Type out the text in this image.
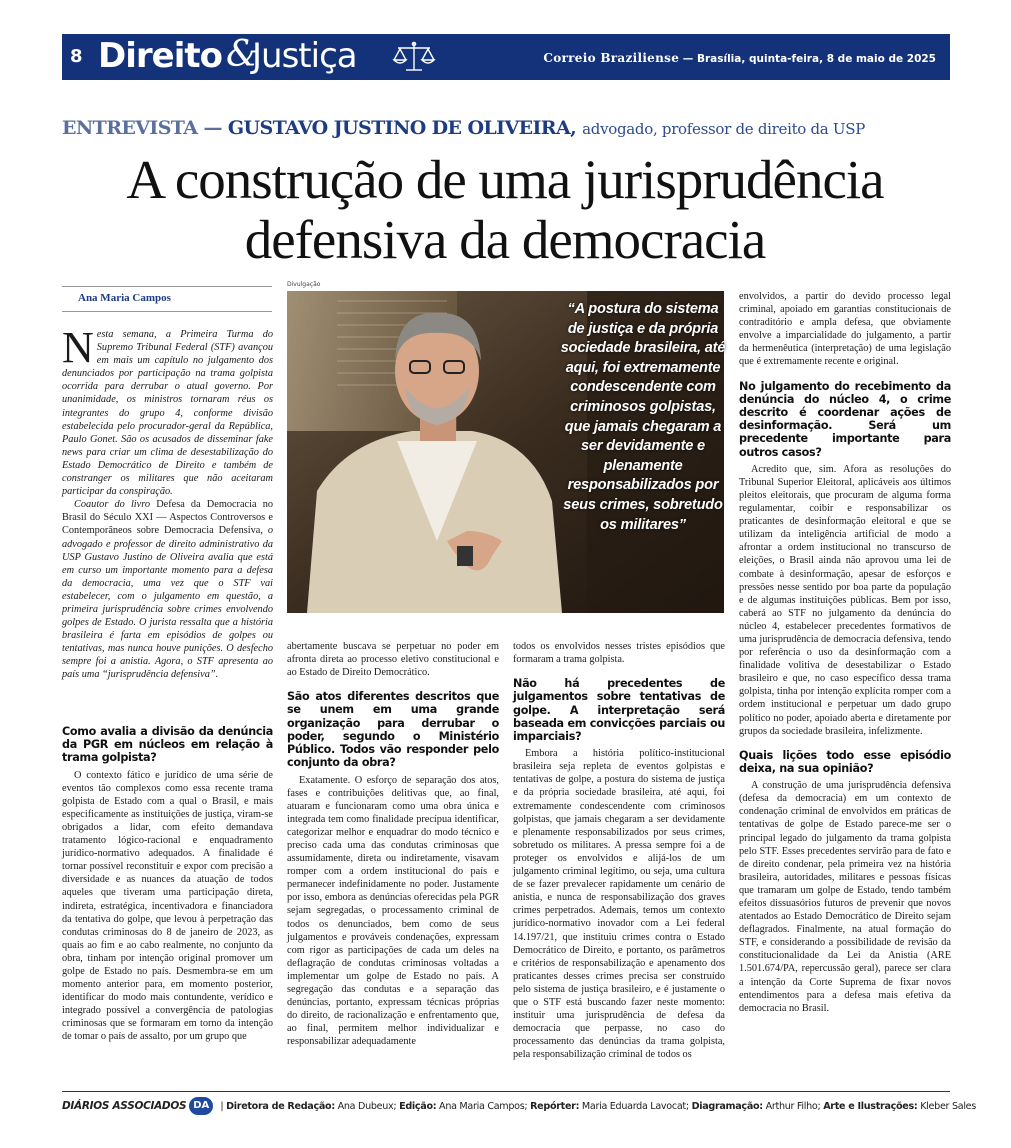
8 Direito &
Justiça	Correio Braziliense — Brasília, quinta-feira, 8 de maio de 2025
ENTREVISTA — GUSTAVO JUSTINO DE OLIVEIRA, advogado, professor de direito da USP
A construção de uma jurisprudência
defensiva da democracia
Ana Maria Campos

Nesta semana, a Primeira Turma do Supremo Tribunal Federal (STF) avançou em mais um capítulo no julgamento dos denunciados por participação na trama golpista ocorrida para derrubar o atual governo. Por unanimidade, os ministros tornaram réus os integrantes do grupo 4, conforme divisão estabelecida pelo procurador-geral da República, Paulo Gonet. São os acusados de disseminar fake news para criar um clima de desestabilização do Estado Democrático de Direito e também de constranger os militares que não aceitaram participar da conspiração.

Coautor do livro Defesa da Democracia no Brasil do Século XXI — Aspectos Controversos e Contemporâneos sobre Democracia Defensiva, o advogado e professor de direito administrativo da USP Gustavo Justino de Oliveira avalia que está em curso um importante momento para a defesa da democracia, uma vez que o STF vai estabelecer, com o julgamento em questão, a primeira jurisprudência sobre crimes envolvendo golpes de Estado. O jurista ressalta que a história brasileira é farta em episódios de golpes ou tentativas, mas nunca houve punições. O desfecho sempre foi a anistia. Agora, o STF apresenta ao país uma “jurisprudência defensiva”.

Como avalia a divisão da denúncia da PGR em núcleos em relação à trama golpista?

O contexto fático e jurídico de uma série de eventos tão complexos como essa recente trama golpista de Estado com a qual o Brasil, e mais especificamente as instituições de justiça, viram-se obrigados a lidar, com efeito demandava tratamento lógico-racional e enquadramento jurídico-normativo adequados. A finalidade é tornar possível reconstituir e expor com precisão a diversidade e as nuances da atuação de todos aqueles que tiveram uma participação direta, indireta, estratégica, incentivadora e financiadora da tentativa do golpe, que levou à perpetração das condutas criminosas do 8 de janeiro de 2023, as quais ao fim e ao cabo realmente, no conjunto da obra, tinham por intenção original promover um golpe de Estado no país. Desmembra-se em um momento anterior para, em momento posterior, identificar do modo mais contundente, verídico e integrado possível a convergência de patologias criminosas que se formaram em torno da intenção de tomar o país de assalto, por um grupo que

Divulgação
“A postura do sistema de justiça e da própria sociedade brasileira, até aqui, foi extremamente condescendente com criminosos golpistas, que jamais chegaram a ser devidamente e plenamente responsabilizados por seus crimes, sobretudo os militares”

abertamente buscava se perpetuar no poder em afronta direta ao processo eletivo constitucional e ao Estado de Direito Democrático.

São atos diferentes descritos que se unem em uma grande organização para derrubar o poder, segundo o Ministério Público. Todos vão responder pelo conjunto da obra?

Exatamente. O esforço de separação dos atos, fases e contribuições delitivas que, ao final, atuaram e funcionaram como uma obra única e integrada tem como finalidade precípua identificar, categorizar melhor e enquadrar do modo técnico e preciso cada uma das condutas criminosas que assumidamente, direta ou indiretamente, visavam romper com a ordem institucional do país e permanecer indefinidamente no poder. Justamente por isso, embora as denúncias oferecidas pela PGR sejam segregadas, o processamento criminal de todos os denunciados, bem como de seus julgamentos e prováveis condenações, expressam com rigor as participações de cada um deles na deflagração de condutas criminosas voltadas a implementar um golpe de Estado no país. A segregação das condutas e a separação das denúncias, portanto, expressam técnicas próprias do direito, de racionalização e enfrentamento que, ao final, permitem melhor individualizar e responsabilizar adequadamente

todos os envolvidos nesses tristes episódios que formaram a trama golpista.

Não há precedentes de julgamentos sobre tentativas de golpe. A interpretação será baseada em convicções parciais ou imparciais?

Embora a história político-institucional brasileira seja repleta de eventos golpistas e tentativas de golpe, a postura do sistema de justiça e da própria sociedade brasileira, até aqui, foi extremamente condescendente com criminosos golpistas, que jamais chegaram a ser devidamente e plenamente responsabilizados por seus crimes, sobretudo os militares. A pressa sempre foi a de proteger os envolvidos e alijá-los de um julgamento criminal legítimo, ou seja, uma cultura de se fazer prevalecer rapidamente um cenário de anistia, e nunca de responsabilização dos graves crimes perpetrados. Ademais, temos um contexto jurídico-normativo inovador com a Lei federal 14.197/21, que instituiu crimes contra o Estado Democrático de Direito, e portanto, os parâmetros e critérios de responsabilização e apenamento dos praticantes desses crimes precisa ser construído pelo sistema de justiça brasileiro, e é justamente o que o STF está buscando fazer neste momento: instituir uma jurisprudência de defesa da democracia que perpasse, no caso do processamento das denúncias da trama golpista, pela responsabilização criminal de todos os

envolvidos, a partir do devido processo legal criminal, apoiado em garantias constitucionais de contraditório e ampla defesa, que obviamente envolve a imparcialidade do julgamento, a partir da hermenêutica (interpretação) de uma legislação que é extremamente recente e original.

No julgamento do recebimento da denúncia do núcleo 4, o crime descrito é coordenar ações de desinformação. Será um precedente importante para outros casos?

Acredito que, sim. Afora as resoluções do Tribunal Superior Eleitoral, aplicáveis aos últimos pleitos eleitorais, que procuram de alguma forma regulamentar, coibir e responsabilizar os praticantes de desinformação eleitoral e que se utilizam da inteligência artificial de modo a afrontar a ordem institucional no transcurso de eleições, o Brasil ainda não aprovou uma lei de combate à desinformação, apesar de esforços e pressões nesse sentido por boa parte da população e de algumas instituições públicas. Bem por isso, caberá ao STF no julgamento da denúncia do núcleo 4, estabelecer precedentes formativos de uma jurisprudência de democracia defensiva, tendo por referência o uso da desinformação com a finalidade volitiva de desestabilizar o Estado brasileiro e que, no caso específico dessa trama golpista, tinha por intenção explícita romper com a ordem institucional e perpetuar um dado grupo político no poder, apoiado aberta e diretamente por grupos da sociedade brasileira, infelizmente.

Quais lições todo esse episódio deixa, na sua opinião?

A construção de uma jurisprudência defensiva (defesa da democracia) em um contexto de condenação criminal de envolvidos em práticas de tentativas de golpe de Estado parece-me ser o principal legado do julgamento da trama golpista pelo STF. Esses precedentes servirão para de fato e de direito condenar, pela primeira vez na história brasileira, autoridades, militares e pessoas físicas que tramaram um golpe de Estado, tendo também efeitos dissuasórios futuros de prevenir que novos atentados ao Estado Democrático de Direito sejam deflagrados. Finalmente, na atual formação do STF, e considerando a possibilidade de revisão da constitucionalidade da Lei da Anistia (ARE 1.501.674/PA, repercussão geral), parece ser clara a intenção da Corte Suprema de fixar novos entendimentos para a defesa mais efetiva da democracia no Brasil.

DIÁRIOS ASSOCIADOS DA | Diretora de Redação: Ana Dubeux; Edição: Ana Maria Campos; Repórter: Maria Eduarda Lavocat; Diagramação: Arthur Filho; Arte e Ilustrações: Kleber Sales
